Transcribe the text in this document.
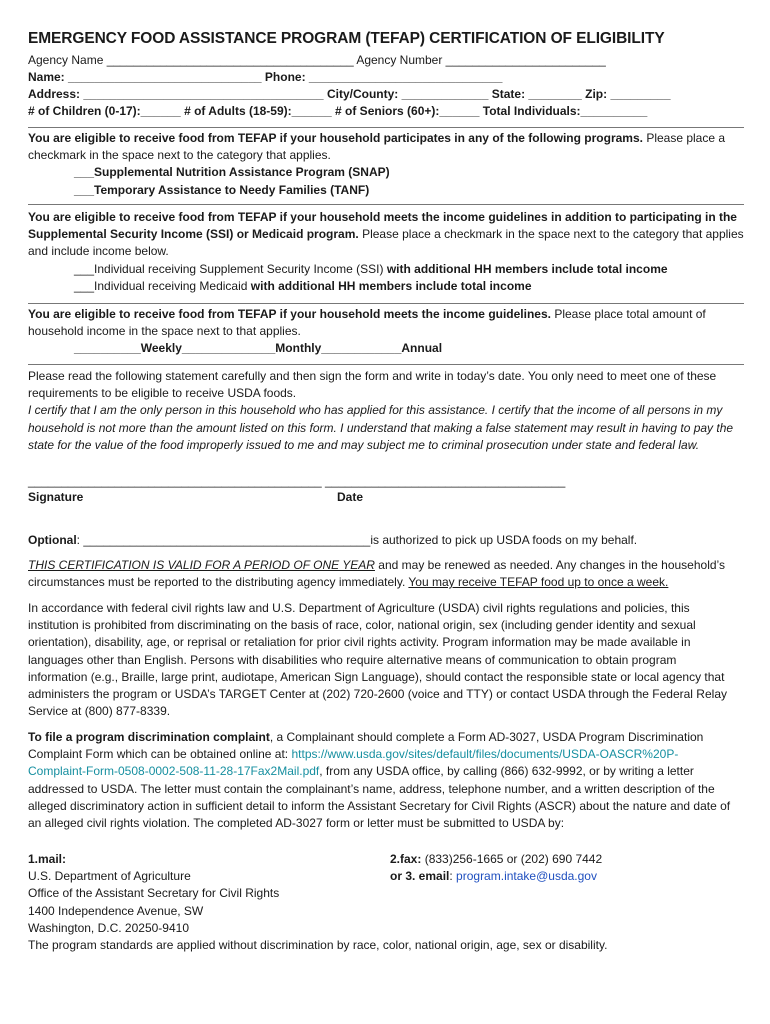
EMERGENCY FOOD ASSISTANCE PROGRAM (TEFAP) CERTIFICATION OF ELIGIBILITY
Agency Name _____________________________________ Agency Number ________________________
Name: _____________________________ Phone: _____________________________
Address: ____________________________________ City/County: _____________ State: ________ Zip: _________
# of Children (0-17):______ # of Adults (18-59):______ # of Seniors (60+):______ Total Individuals:__________
You are eligible to receive food from TEFAP if your household participates in any of the following programs. Please place a checkmark in the space next to the category that applies.
___Supplemental Nutrition Assistance Program (SNAP)
___Temporary Assistance to Needy Families (TANF)
You are eligible to receive food from TEFAP if your household meets the income guidelines in addition to participating in the Supplemental Security Income (SSI) or Medicaid program. Please place a checkmark in the space next to the category that applies and include income below.
___Individual receiving Supplement Security Income (SSI) with additional HH members include total income
___Individual receiving Medicaid with additional HH members include total income
You are eligible to receive food from TEFAP if your household meets the income guidelines. Please place total amount of household income in the space next to that applies.
__________Weekly______________Monthly____________Annual
Please read the following statement carefully and then sign the form and write in today’s date. You only need to meet one of these requirements to be eligible to receive USDA foods.
I certify that I am the only person in this household who has applied for this assistance. I certify that the income of all persons in my household is not more than the amount listed on this form. I understand that making a false statement may result in having to pay the state for the value of the food improperly issued to me and may subject me to criminal prosecution under state and federal law.
____________________________________________ ____________________________________
Signature	Date
Optional: ___________________________________________is authorized to pick up USDA foods on my behalf.
THIS CERTIFICATION IS VALID FOR A PERIOD OF ONE YEAR and may be renewed as needed. Any changes in the household’s circumstances must be reported to the distributing agency immediately. You may receive TEFAP food up to once a week.
In accordance with federal civil rights law and U.S. Department of Agriculture (USDA) civil rights regulations and policies, this institution is prohibited from discriminating on the basis of race, color, national origin, sex (including gender identity and sexual orientation), disability, age, or reprisal or retaliation for prior civil rights activity. Program information may be made available in languages other than English. Persons with disabilities who require alternative means of communication to obtain program information (e.g., Braille, large print, audiotape, American Sign Language), should contact the responsible state or local agency that administers the program or USDA’s TARGET Center at (202) 720-2600 (voice and TTY) or contact USDA through the Federal Relay Service at (800) 877-8339.
To file a program discrimination complaint, a Complainant should complete a Form AD-3027, USDA Program Discrimination Complaint Form which can be obtained online at: https://www.usda.gov/sites/default/files/documents/USDA-OASCR%20P-
Complaint-Form-0508-0002-508-11-28-17Fax2Mail.pdf, from any USDA office, by calling (866) 632-9992, or by writing a letter addressed to USDA. The letter must contain the complainant’s name, address, telephone number, and a written description of the alleged discriminatory action in sufficient detail to inform the Assistant Secretary for Civil Rights (ASCR) about the nature and date of an alleged civil rights violation. The completed AD-3027 form or letter must be submitted to USDA by:
1.mail:
U.S. Department of Agriculture
Office of the Assistant Secretary for Civil Rights
1400 Independence Avenue, SW
Washington, D.C. 20250-9410
2.fax: (833)256-1665 or (202) 690 7442
or 3. email: program.intake@usda.gov
The program standards are applied without discrimination by race, color, national origin, age, sex or disability.
